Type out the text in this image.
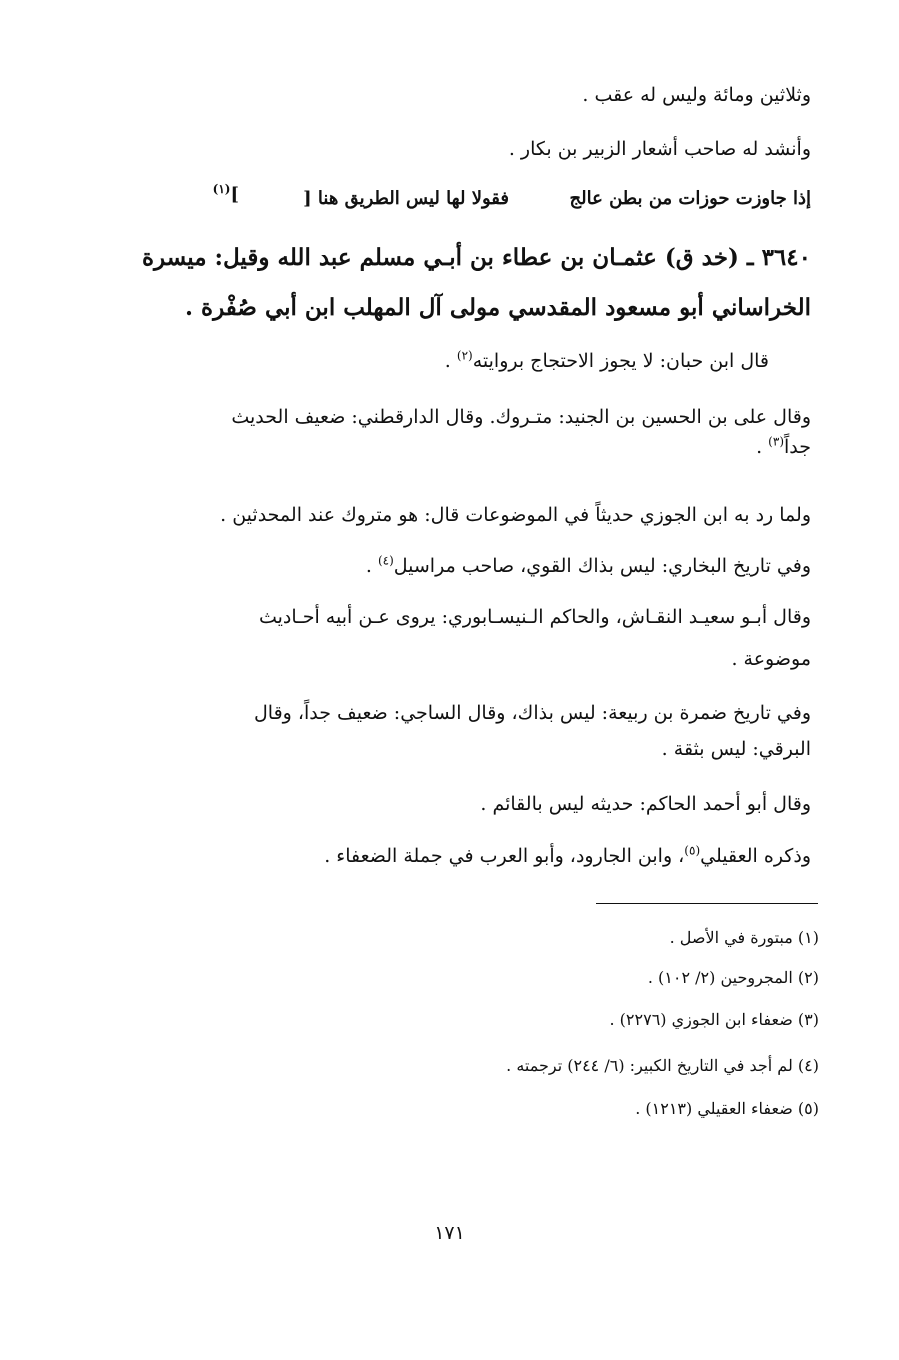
وثلاثين ومائة وليس له عقب .

وأنشد له صاحب أشعار الزبير بن بكار .

إذا جاوزت حوزات من بطن عالج
فقولا لها ليس الطريق هنا [
]$^{(١)}$

٣٦٤٠ ـ (خد ق) عثمـان بن عطاء بن أبـي مسلم عبد الله وقيل: ميسرة

الخراساني أبو مسعود المقدسي مولى آل المهلب ابن أبي صُفْرة .

قال ابن حبان: لا يجوز الاحتجاج بروايته$^{(٢)}$ .

وقال على بن الحسين بن الجنيد: متـروك. وقال الدارقطني: ضعيف الحديث

جداً$^{(٣)}$ .

ولما رد به ابن الجوزي حديثاً في الموضوعات قال: هو متروك عند المحدثين .

وفي تاريخ البخاري: ليس بذاك القوي، صاحب مراسيل$^{(٤)}$ .

وقال أبـو سعيـد النقـاش، والحاكم الـنيسـابوري: يروى عـن أبيه أحـاديث

موضوعة .

وفي تاريخ ضمرة بن ربيعة: ليس بذاك، وقال الساجي: ضعيف جداً، وقال

البرقي: ليس بثقة .

وقال أبو أحمد الحاكم: حديثه ليس بالقائم .

وذكره العقيلي$^{(٥)}$، وابن الجارود، وأبو العرب في جملة الضعفاء .

(١) مبتورة في الأصل .
(٢) المجروحين (٢/ ١٠٢) .
(٣) ضعفاء ابن الجوزي (٢٢٧٦) .
(٤) لم أجد في التاريخ الكبير: (٦/ ٢٤٤) ترجمته .
(٥) ضعفاء العقيلي (١٢١٣) .
١٧١
